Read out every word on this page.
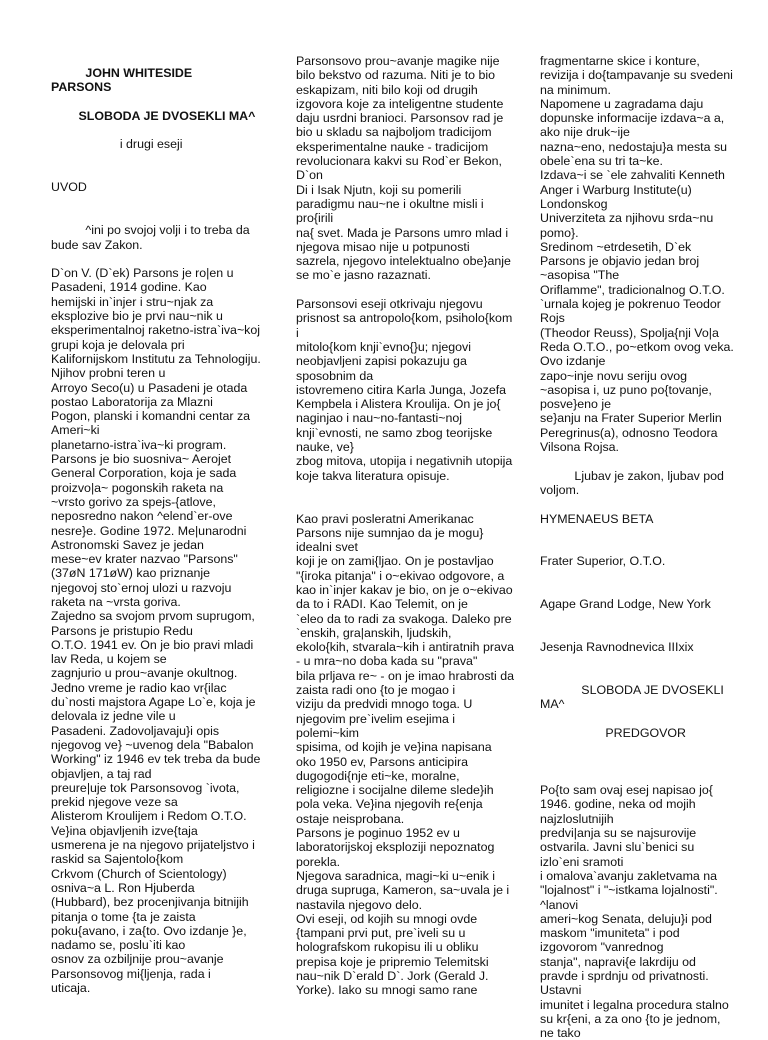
JOHN WHITESIDE

PARSONS

SLOBODA JE DVOSEKLI MA^

i drugi eseji

UVOD

^ini po svojoj volji i to treba da

bude sav Zakon.

D`on V. (D`ek) Parsons je ro|en u

Pasadeni, 1914 godine. Kao

hemijski in`injer i stru~njak za

eksplozive bio je prvi nau~nik u

eksperimentalnoj raketno-istra`iva~koj

grupi koja je delovala pri

Kalifornijskom Institutu za Tehnologiju.

Njihov probni teren u

Arroyo Seco(u) u Pasadeni je otada

postao Laboratorija za Mlazni

Pogon, planski i komandni centar za

Ameri~ki

planetarno-istra`iva~ki program.

Parsons je bio suosniva~ Aerojet

General Corporation, koja je sada

proizvo|a~ pogonskih raketa na

~vrsto gorivo za spejs-{atlove,

neposredno nakon ^elend`er-ove

nesre}e. Godine 1972. Me|unarodni

Astronomski Savez je jedan

mese~ev krater nazvao "Parsons"

(37øN 171øW) kao priznanje

njegovoj sto`ernoj ulozi u razvoju

raketa na ~vrsta goriva.

Zajedno sa svojom prvom suprugom,

Parsons je pristupio Redu

O.T.O. 1941 ev. On je bio pravi mladi

lav Reda, u kojem se

zagnjurio u prou~avanje okultnog.

Jedno vreme je radio kao vr{ilac

du`nosti majstora Agape Lo`e, koja je

delovala iz jedne vile u

Pasadeni. Zadovoljavaju}i opis

njegovog ve} ~uvenog dela "Babalon

Working" iz 1946 ev tek treba da bude

objavljen, a taj rad

preure|uje tok Parsonsovog `ivota,

prekid njegove veze sa

Alisterom Kroulijem i Redom O.T.O.

Ve}ina objavljenih izve{taja

usmerena je na njegovo prijateljstvo i

raskid sa Sajentolo{kom

Crkvom (Church of Scientology)

osniva~a L. Ron Hjuberda

(Hubbard), bez procenjivanja bitnijih

pitanja o tome {ta je zaista

poku{avano, i za{to. Ovo izdanje }e,

nadamo se, poslu`iti kao

osnov za ozbiljnije prou~avanje

Parsonsovog mi{ljenja, rada i

uticaja.

Parsonsovo prou~avanje magike nije

bilo bekstvo od razuma. Niti je to bio

eskapizam, niti bilo koji od drugih

izgovora koje za inteligentne studente

daju usrdni branioci. Parsonsov rad je

bio u skladu sa najboljom tradicijom

eksperimentalne nauke - tradicijom

revolucionara kakvi su Rod`er Bekon,

D`on

Di i Isak Njutn, koji su pomerili

paradigmu nau~ne i okultne misli i

pro{irili

na{ svet. Mada je Parsons umro mlad i

njegova misao nije u potpunosti

sazrela, njegovo intelektualno obe}anje

se mo`e jasno razaznati.

Parsonsovi eseji otkrivaju njegovu

prisnost sa antropolo{kom, psiholo{kom

i

mitolo{kom knji`evno{}u; njegovi

neobjavljeni zapisi pokazuju ga

sposobnim da

istovremeno citira Karla Junga, Jozefa

Kempbela i Alistera Kroulija. On je jo{

naginjao i nau~no-fantasti~noj

knji`evnosti, ne samo zbog teorijske

nauke, ve}

zbog mitova, utopija i negativnih utopija

koje takva literatura opisuje.

Kao pravi posleratni Amerikanac

Parsons nije sumnjao da je mogu}

idealni svet

koji je on zami{ljao. On je postavljao

"{iroka pitanja" i o~ekivao odgovore, a

kao in`injer kakav je bio, on je o~ekivao

da to i RADI. Kao Telemit, on je

`eleo da to radi za svakoga. Daleko pre

`enskih, gra|anskih, ljudskih,

ekolo{kih, stvarala~kih i antiratnih prava

- u mra~no doba kada su "prava"

bila prljava re~ - on je imao hrabrosti da

zaista radi ono {to je mogao i

viziju da predvidi mnogo toga. U

njegovim pre`ivelim esejima i

polemi~kim

spisima, od kojih je ve}ina napisana

oko 1950 ev, Parsons anticipira

dugogodi{nje eti~ke, moralne,

religiozne i socijalne dileme slede}ih

pola veka. Ve}ina njegovih re{enja

ostaje neisprobana.

Parsons je poginuo 1952 ev u

laboratorijskoj eksploziji nepoznatog

porekla.

Njegova saradnica, magi~ki u~enik i

druga supruga, Kameron, sa~uvala je i

nastavila njegovo delo.

Ovi eseji, od kojih su mnogi ovde

{tampani prvi put, pre`iveli su u

holografskom rukopisu ili u obliku

prepisa koje je pripremio Telemitski

nau~nik D`erald D`. Jork (Gerald J.

Yorke). Iako su mnogi samo rane

fragmentarne skice i konture,

revizija i do{tampavanje su svedeni

na minimum.

Napomene u zagradama daju

dopunske informacije izdava~a a,

ako nije druk~ije

nazna~eno, nedostaju}a mesta su

obele`ena su tri ta~ke.

Izdava~i se `ele zahvaliti Kenneth

Anger i Warburg Institute(u)

Londonskog

Univerziteta za njihovu srda~nu

pomo}.

Sredinom ~etrdesetih, D`ek

Parsons je objavio jedan broj

~asopisa "The

Oriflamme", tradicionalnog O.T.O.

`urnala kojeg je pokrenuo Teodor

Rojs

(Theodor Reuss), Spolja{nji Vo|a

Reda O.T.O., po~etkom ovog veka.

Ovo izdanje

zapo~inje novu seriju ovog

~asopisa i, uz puno po{tovanje,

posve}eno je

se}anju na Frater Superior Merlin

Peregrinus(a), odnosno Teodora

Vilsona Rojsa.

Ljubav je zakon, ljubav pod

voljom.

HYMENAEUS BETA

Frater Superior, O.T.O.

Agape Grand Lodge, New York

Jesenja Ravnodnevica IIIxix

SLOBODA JE DVOSEKLI

MA^

PREDGOVOR

Po{to sam ovaj esej napisao jo{

1946. godine, neka od mojih

najzloslutnijih

predvi|anja su se najsurovije

ostvarila. Javni slu`benici su

izlo`eni sramoti

i omalova`avanju zakletvama na

"lojalnost" i "~istkama lojalnosti".

^lanovi

ameri~kog Senata, deluju}i pod

maskom "imuniteta" i pod

izgovorom "vanrednog

stanja", napravi{e lakrdiju od

pravde i sprdnju od privatnosti.

Ustavni

imunitet i legalna procedura stalno

su kr{eni, a za ono {to je jednom,

ne tako
